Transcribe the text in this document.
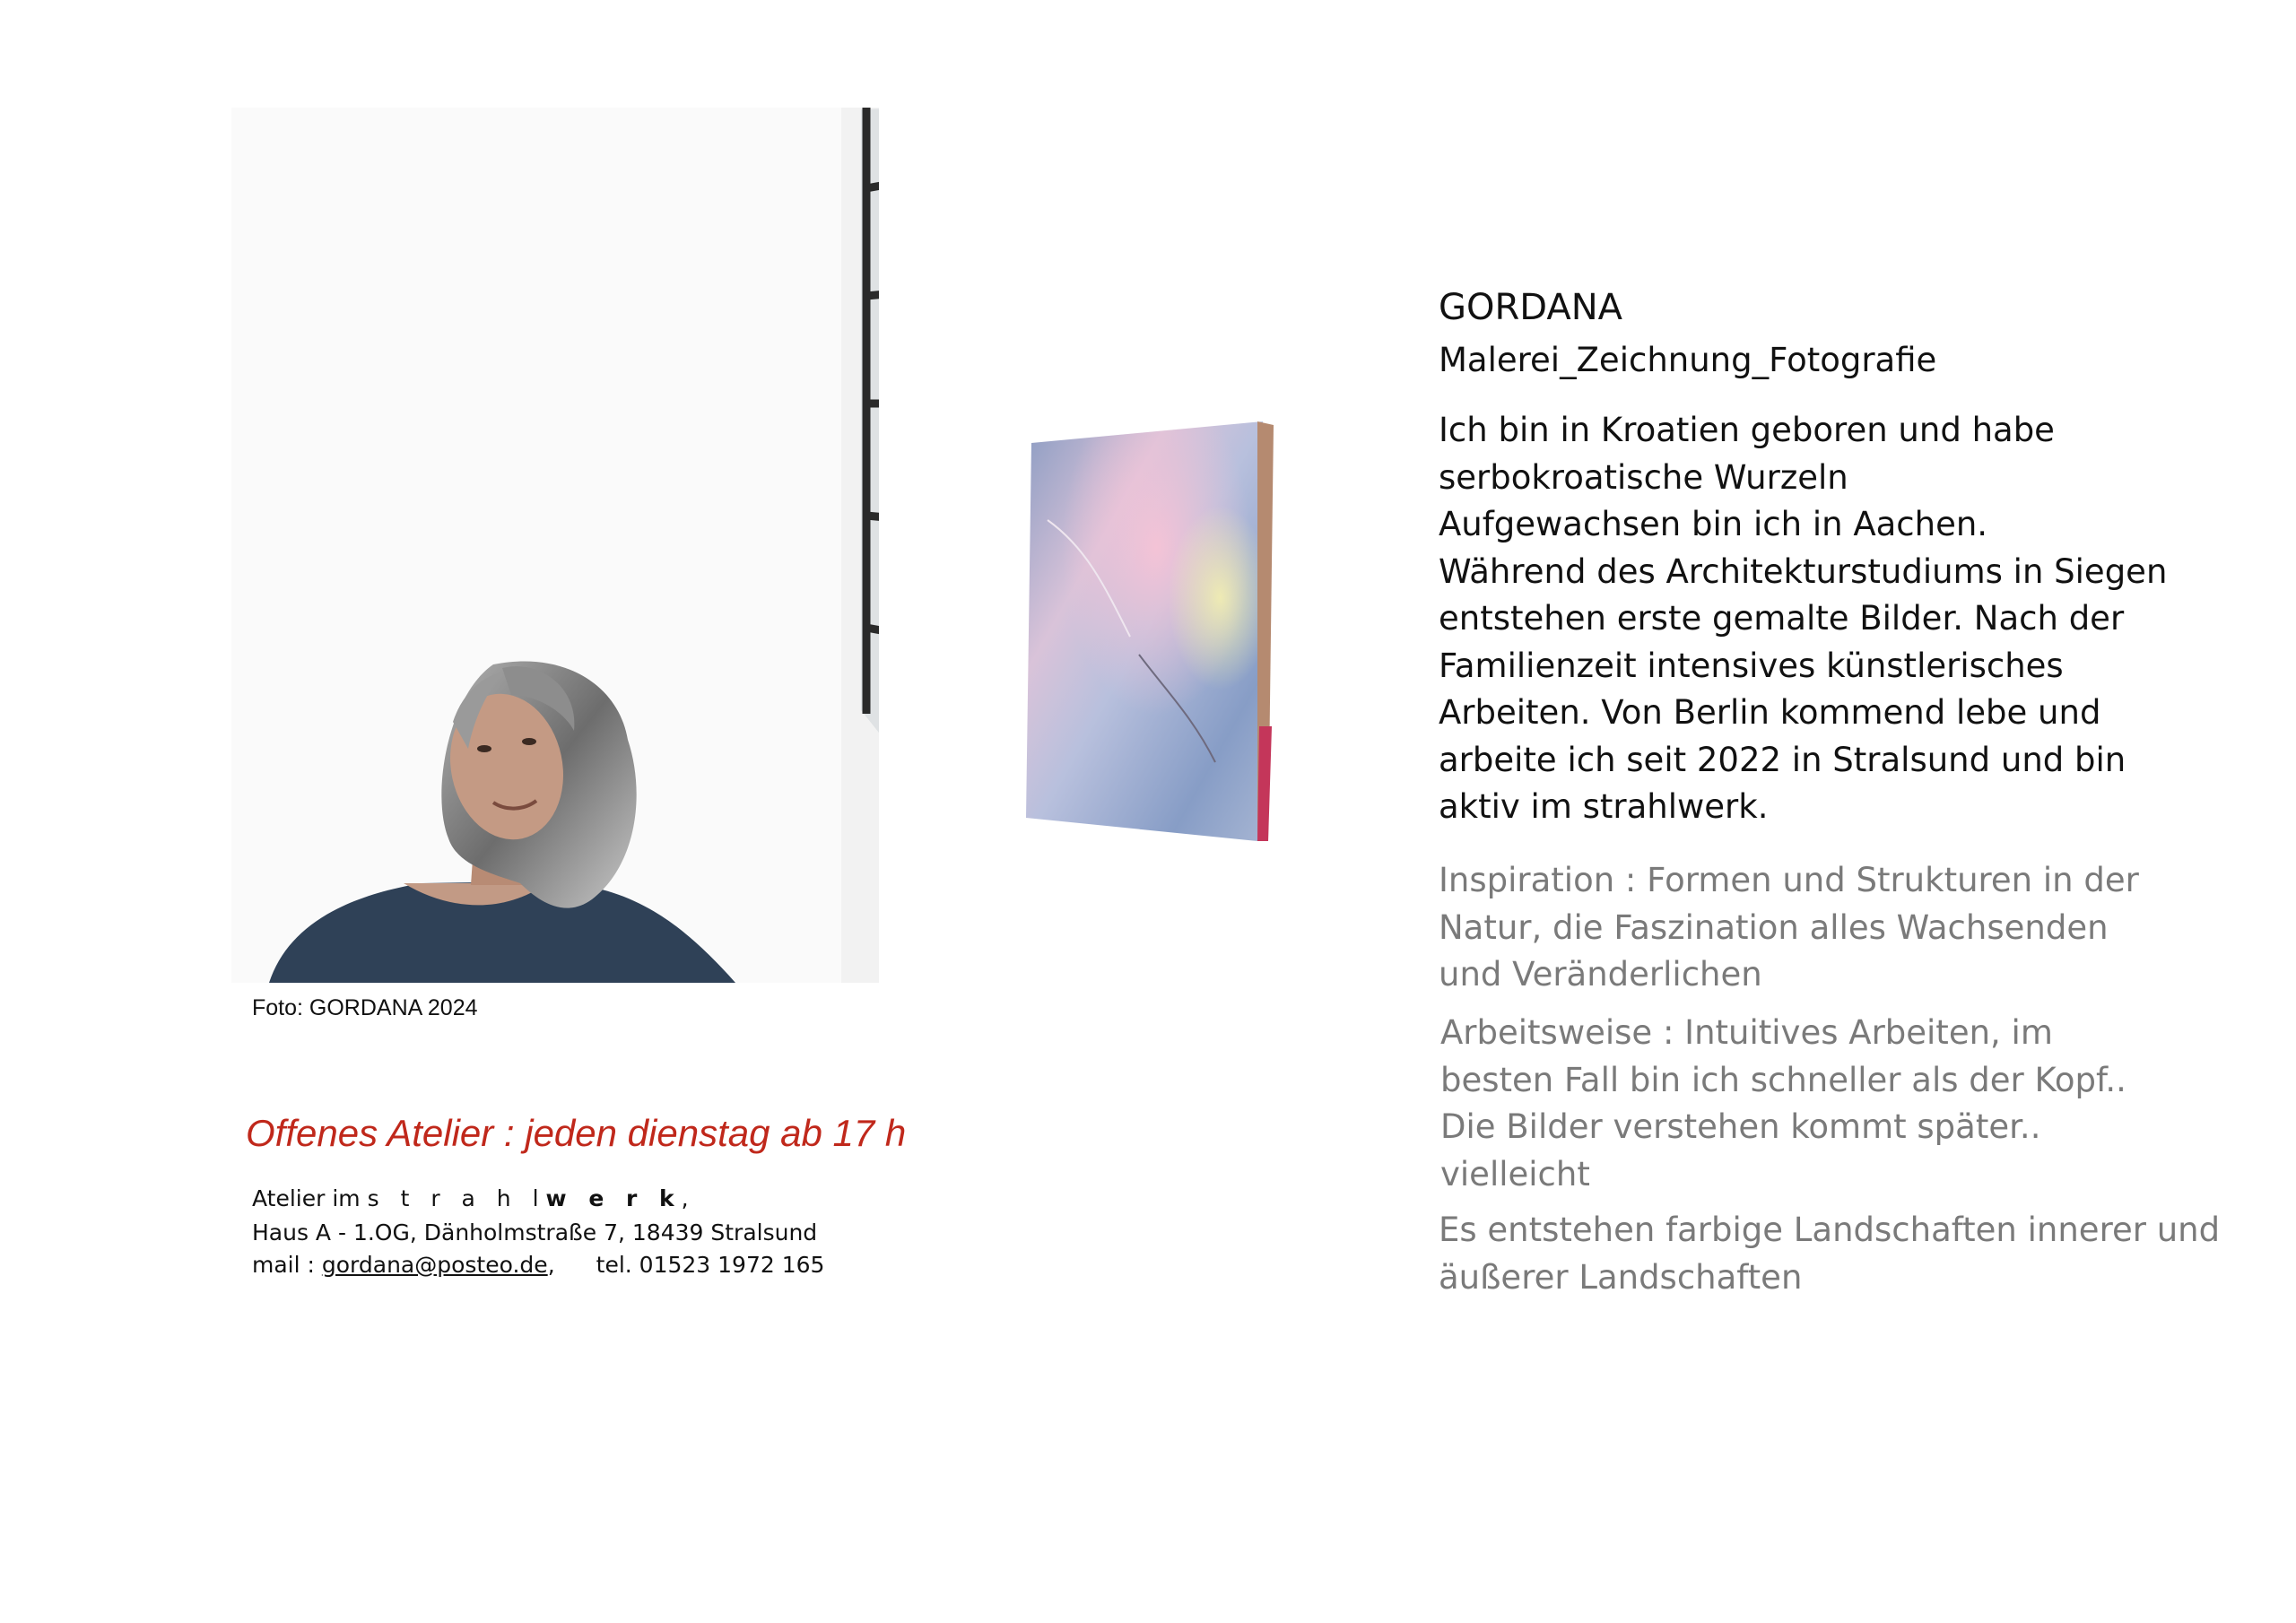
Foto: GORDANA 2024
Offenes Atelier : jeden dienstag ab 17 h
Atelier im s t r a h lw e r k,
Haus A - 1.OG, Dänholmstraße 7, 18439 Stralsund
mail : gordana@posteo.de, tel. 01523 1972 165
GORDANA
Malerei_Zeichnung_Fotografie
Ich bin in Kroatien geboren und habe
serbokroatische Wurzeln
Aufgewachsen bin ich in Aachen.
Während des Architekturstudiums in Siegen
entstehen erste gemalte Bilder. Nach der
Familienzeit intensives künstlerisches
Arbeiten. Von Berlin kommend lebe und
arbeite ich seit 2022 in Stralsund und bin
aktiv im strahlwerk.
Inspiration : Formen und Strukturen in der
Natur, die Faszination alles Wachsenden
und Veränderlichen
Arbeitsweise : Intuitives Arbeiten, im
besten Fall bin ich schneller als der Kopf..
Die Bilder verstehen kommt später..
vielleicht
Es entstehen farbige Landschaften innerer und
äußerer Landschaften
